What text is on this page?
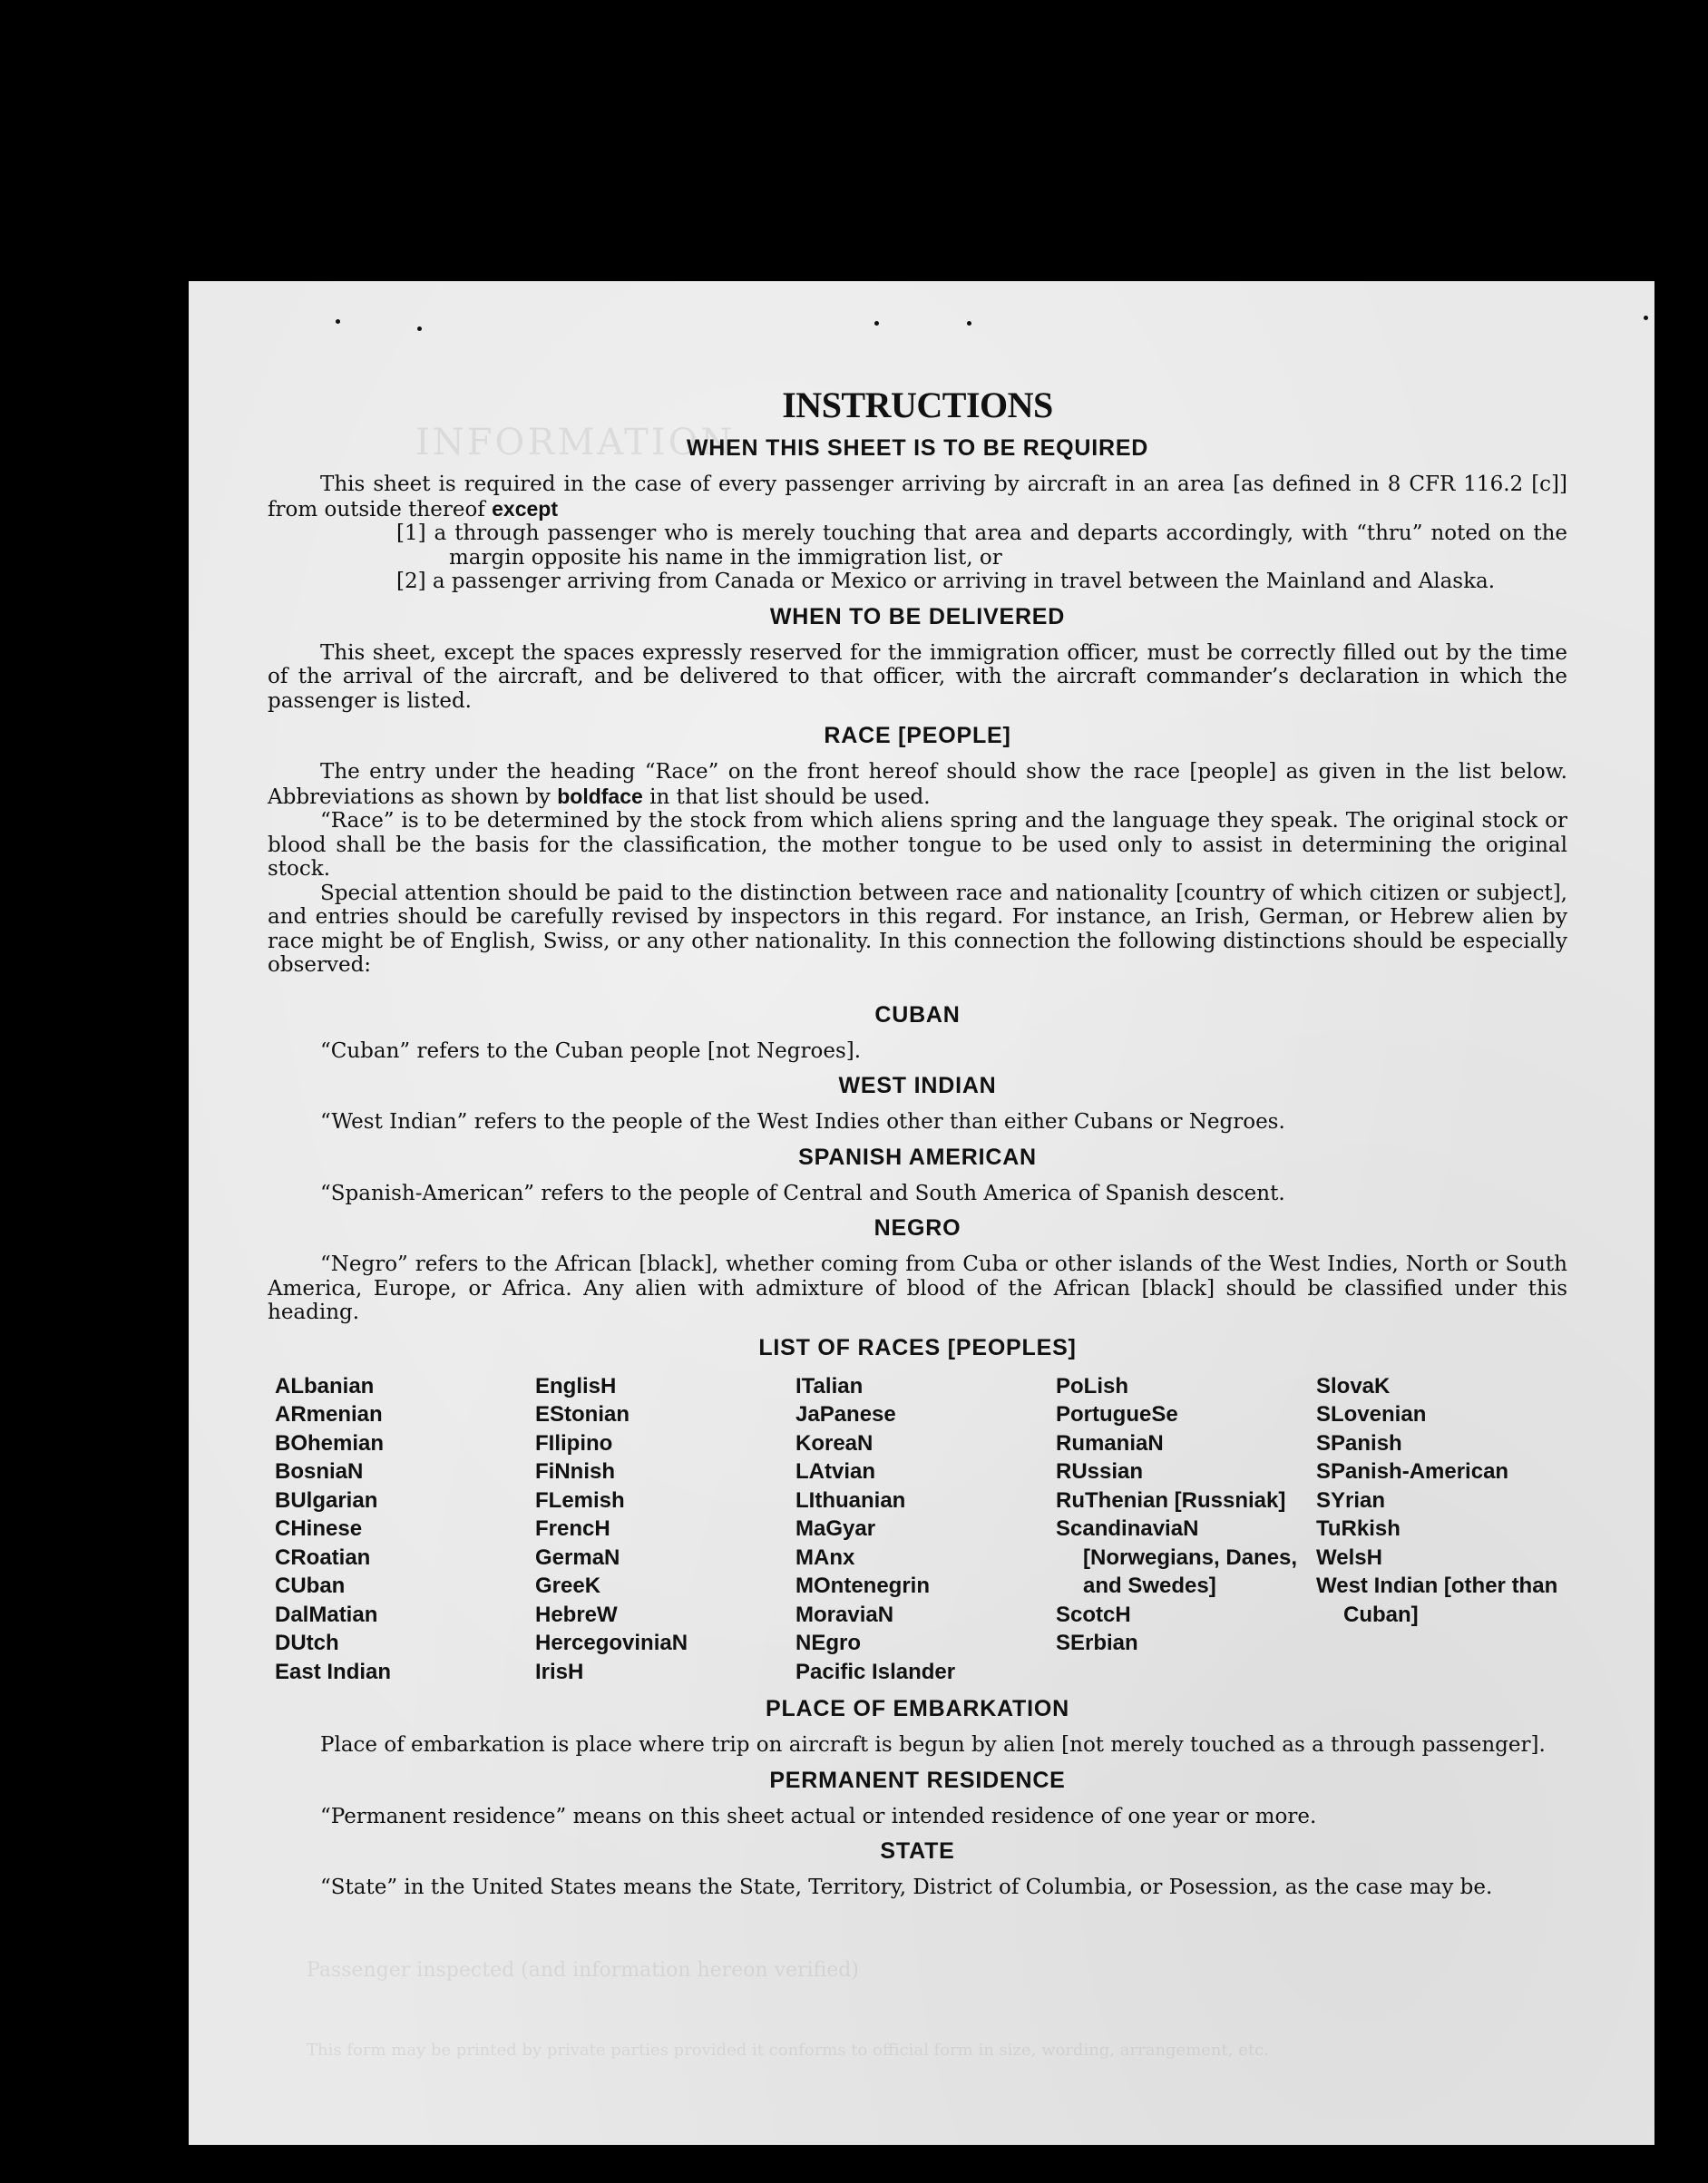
INFORMATION
Passenger inspected (and information hereon verified)
This form may be printed by private parties provided it conforms to official form in size, wording, arrangement, etc.
INSTRUCTIONS
WHEN THIS SHEET IS TO BE REQUIRED

This sheet is required in the case of every passenger arriving by aircraft in an area [as defined in 8 CFR 116.2 [c]] from outside thereof except

[1] a through passenger who is merely touching that area and departs accordingly, with “thru” noted on the margin opposite his name in the immigration list, or

[2] a passenger arriving from Canada or Mexico or arriving in travel between the Mainland and Alaska.

WHEN TO BE DELIVERED

This sheet, except the spaces expressly reserved for the immigration officer, must be correctly filled out by the time of the arrival of the aircraft, and be delivered to that officer, with the aircraft commander’s declaration in which the passenger is listed.

RACE [PEOPLE]

The entry under the heading “Race” on the front hereof should show the race [people] as given in the list below. Abbreviations as shown by boldface in that list should be used.

“Race” is to be determined by the stock from which aliens spring and the language they speak. The original stock or blood shall be the basis for the classification, the mother tongue to be used only to assist in determining the original stock.

Special attention should be paid to the distinction between race and nationality [country of which citizen or subject], and entries should be carefully revised by inspectors in this regard. For instance, an Irish, German, or Hebrew alien by race might be of English, Swiss, or any other nationality. In this connection the following distinctions should be especially observed:

CUBAN

“Cuban” refers to the Cuban people [not Negroes].

WEST INDIAN

“West Indian” refers to the people of the West Indies other than either Cubans or Negroes.

SPANISH AMERICAN

“Spanish-American” refers to the people of Central and South America of Spanish descent.

NEGRO

“Negro” refers to the African [black], whether coming from Cuba or other islands of the West Indies, North or South America, Europe, or Africa. Any alien with admixture of blood of the African [black] should be classified under this heading.

LIST OF RACES [PEOPLES]
ALbanian
ARmenian
BOhemian
BosniaN
BUlgarian
CHinese
CRoatian
CUban
DalMatian
DUtch
East Indian
EnglisH
EStonian
FIlipino
FiNnish
FLemish
FrencH
GermaN
GreeK
HebreW
HercegovinіaN
IrisH
ITalian
JaPanese
KoreaN
LAtvian
LIthuanian
MaGyar
MAnx
MOntenegrin
MoraviaN
NEgro
Pacific Islander
PoLish
PortugueSe
RumaniaN
RUssian
RuThenian [Russniak]
ScandinaviaN [Norwegians, Danes, and Swedes]
ScotcH
SErbian
SlovaK
SLovenian
SPanish
SPanish-American
SYrian
TuRkish
WelsH
West Indian [other than Cuban]
PLACE OF EMBARKATION

Place of embarkation is place where trip on aircraft is begun by alien [not merely touched as a through passenger].

PERMANENT RESIDENCE

“Permanent residence” means on this sheet actual or intended residence of one year or more.

STATE

“State” in the United States means the State, Territory, District of Columbia, or Posession, as the case may be.
